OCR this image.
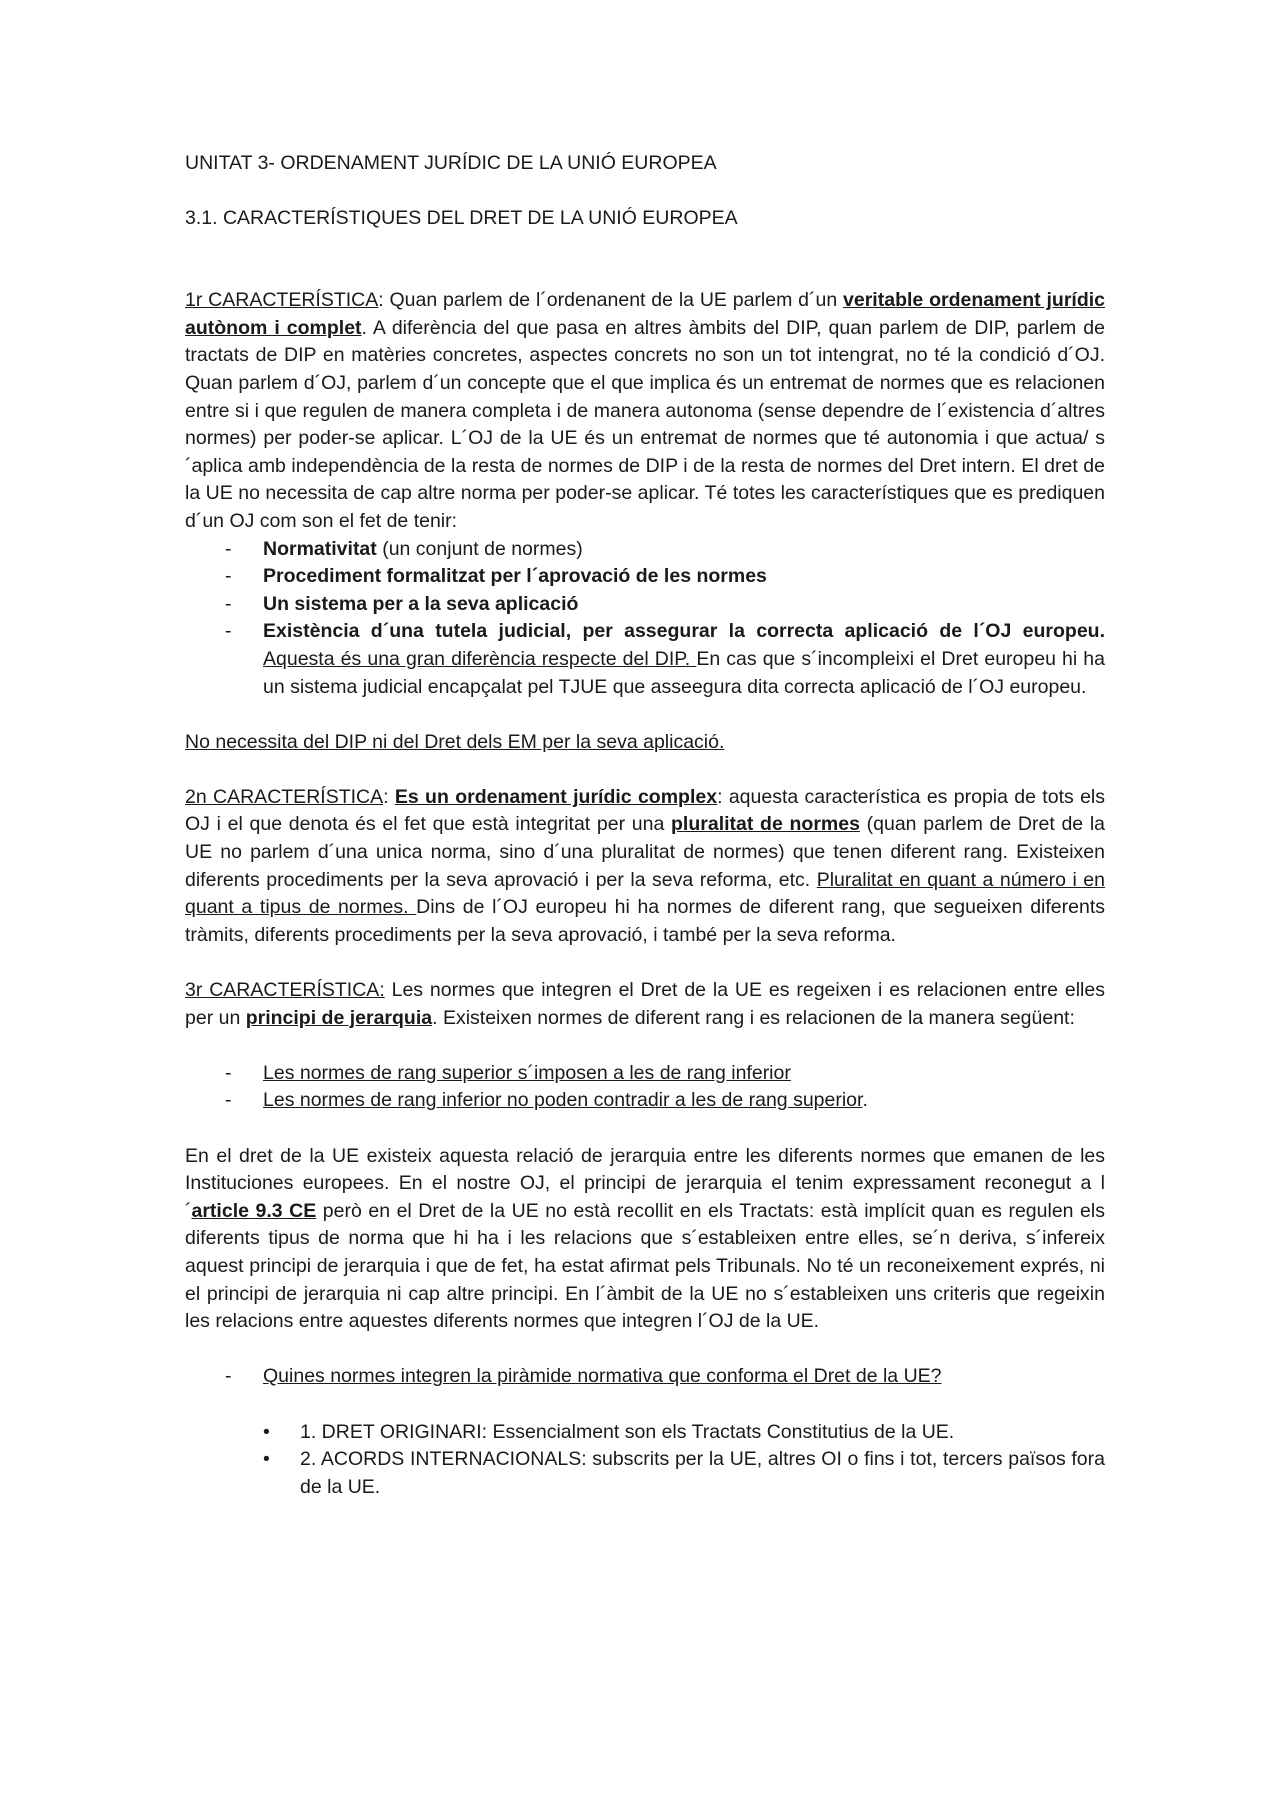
UNITAT 3- ORDENAMENT JURÍDIC DE LA UNIÓ EUROPEA

3.1. CARACTERÍSTIQUES DEL DRET DE LA UNIÓ EUROPEA

1r CARACTERÍSTICA: Quan parlem de l´ordenanent de la UE parlem d´un veritable ordenament jurídic autònom i complet. A diferència del que pasa en altres àmbits del DIP, quan parlem de DIP, parlem de tractats de DIP en matèries concretes, aspectes concrets no son un tot intengrat, no té la condició d´OJ. Quan parlem d´OJ, parlem d´un concepte que el que implica és un entremat de normes que es relacionen entre si i que regulen de manera completa i de manera autonoma (sense dependre de l´existencia d´altres normes) per poder-se aplicar. L´OJ de la UE és un entremat de normes que té autonomia i que actua/ s´aplica amb independència de la resta de normes de DIP i de la resta de normes del Dret intern. El dret de la UE no necessita de cap altre norma per poder-se aplicar. Té totes les característiques que es prediquen d´un OJ com son el fet de tenir:

- Normativitat (un conjunt de normes)
- Procediment formalitzat per l´aprovació de les normes
- Un sistema per a la seva aplicació
- Existència d´una tutela judicial, per assegurar la correcta aplicació de l´OJ europeu. Aquesta és una gran diferència respecte del DIP. En cas que s´incompleixi el Dret europeu hi ha un sistema judicial encapçalat pel TJUE que asseegura dita correcta aplicació de l´OJ europeu.

No necessita del DIP ni del Dret dels EM per la seva aplicació.

2n CARACTERÍSTICA: Es un ordenament jurídic complex: aquesta característica es propia de tots els OJ i el que denota és el fet que està integritat per una pluralitat de normes (quan parlem de Dret de la UE no parlem d´una unica norma, sino d´una pluralitat de normes) que tenen diferent rang. Existeixen diferents procediments per la seva aprovació i per la seva reforma, etc. Pluralitat en quant a número i en quant a tipus de normes. Dins de l´OJ europeu hi ha normes de diferent rang, que segueixen diferents tràmits, diferents procediments per la seva aprovació, i també per la seva reforma.

3r CARACTERÍSTICA: Les normes que integren el Dret de la UE es regeixen i es relacionen entre elles per un principi de jerarquia. Existeixen normes de diferent rang i es relacionen de la manera següent:

- Les normes de rang superior s´imposen a les de rang inferior
- Les normes de rang inferior no poden contradir a les de rang superior.

En el dret de la UE existeix aquesta relació de jerarquia entre les diferents normes que emanen de les Instituciones europees. En el nostre OJ, el principi de jerarquia el tenim expressament reconegut a l´article 9.3 CE però en el Dret de la UE no està recollit en els Tractats: està implícit quan es regulen els diferents tipus de norma que hi ha i les relacions que s´estableixen entre elles, se´n deriva, s´infereix aquest principi de jerarquia i que de fet, ha estat afirmat pels Tribunals. No té un reconeixement exprés, ni el principi de jerarquia ni cap altre principi. En l´àmbit de la UE no s´estableixen uns criteris que regeixin les relacions entre aquestes diferents normes que integren l´OJ de la UE.

- Quines normes integren la piràmide normativa que conforma el Dret de la UE?
• 1. DRET ORIGINARI: Essencialment son els Tractats Constitutius de la UE.
• 2. ACORDS INTERNACIONALS: subscrits per la UE, altres OI o fins i tot, tercers països fora de la UE.
